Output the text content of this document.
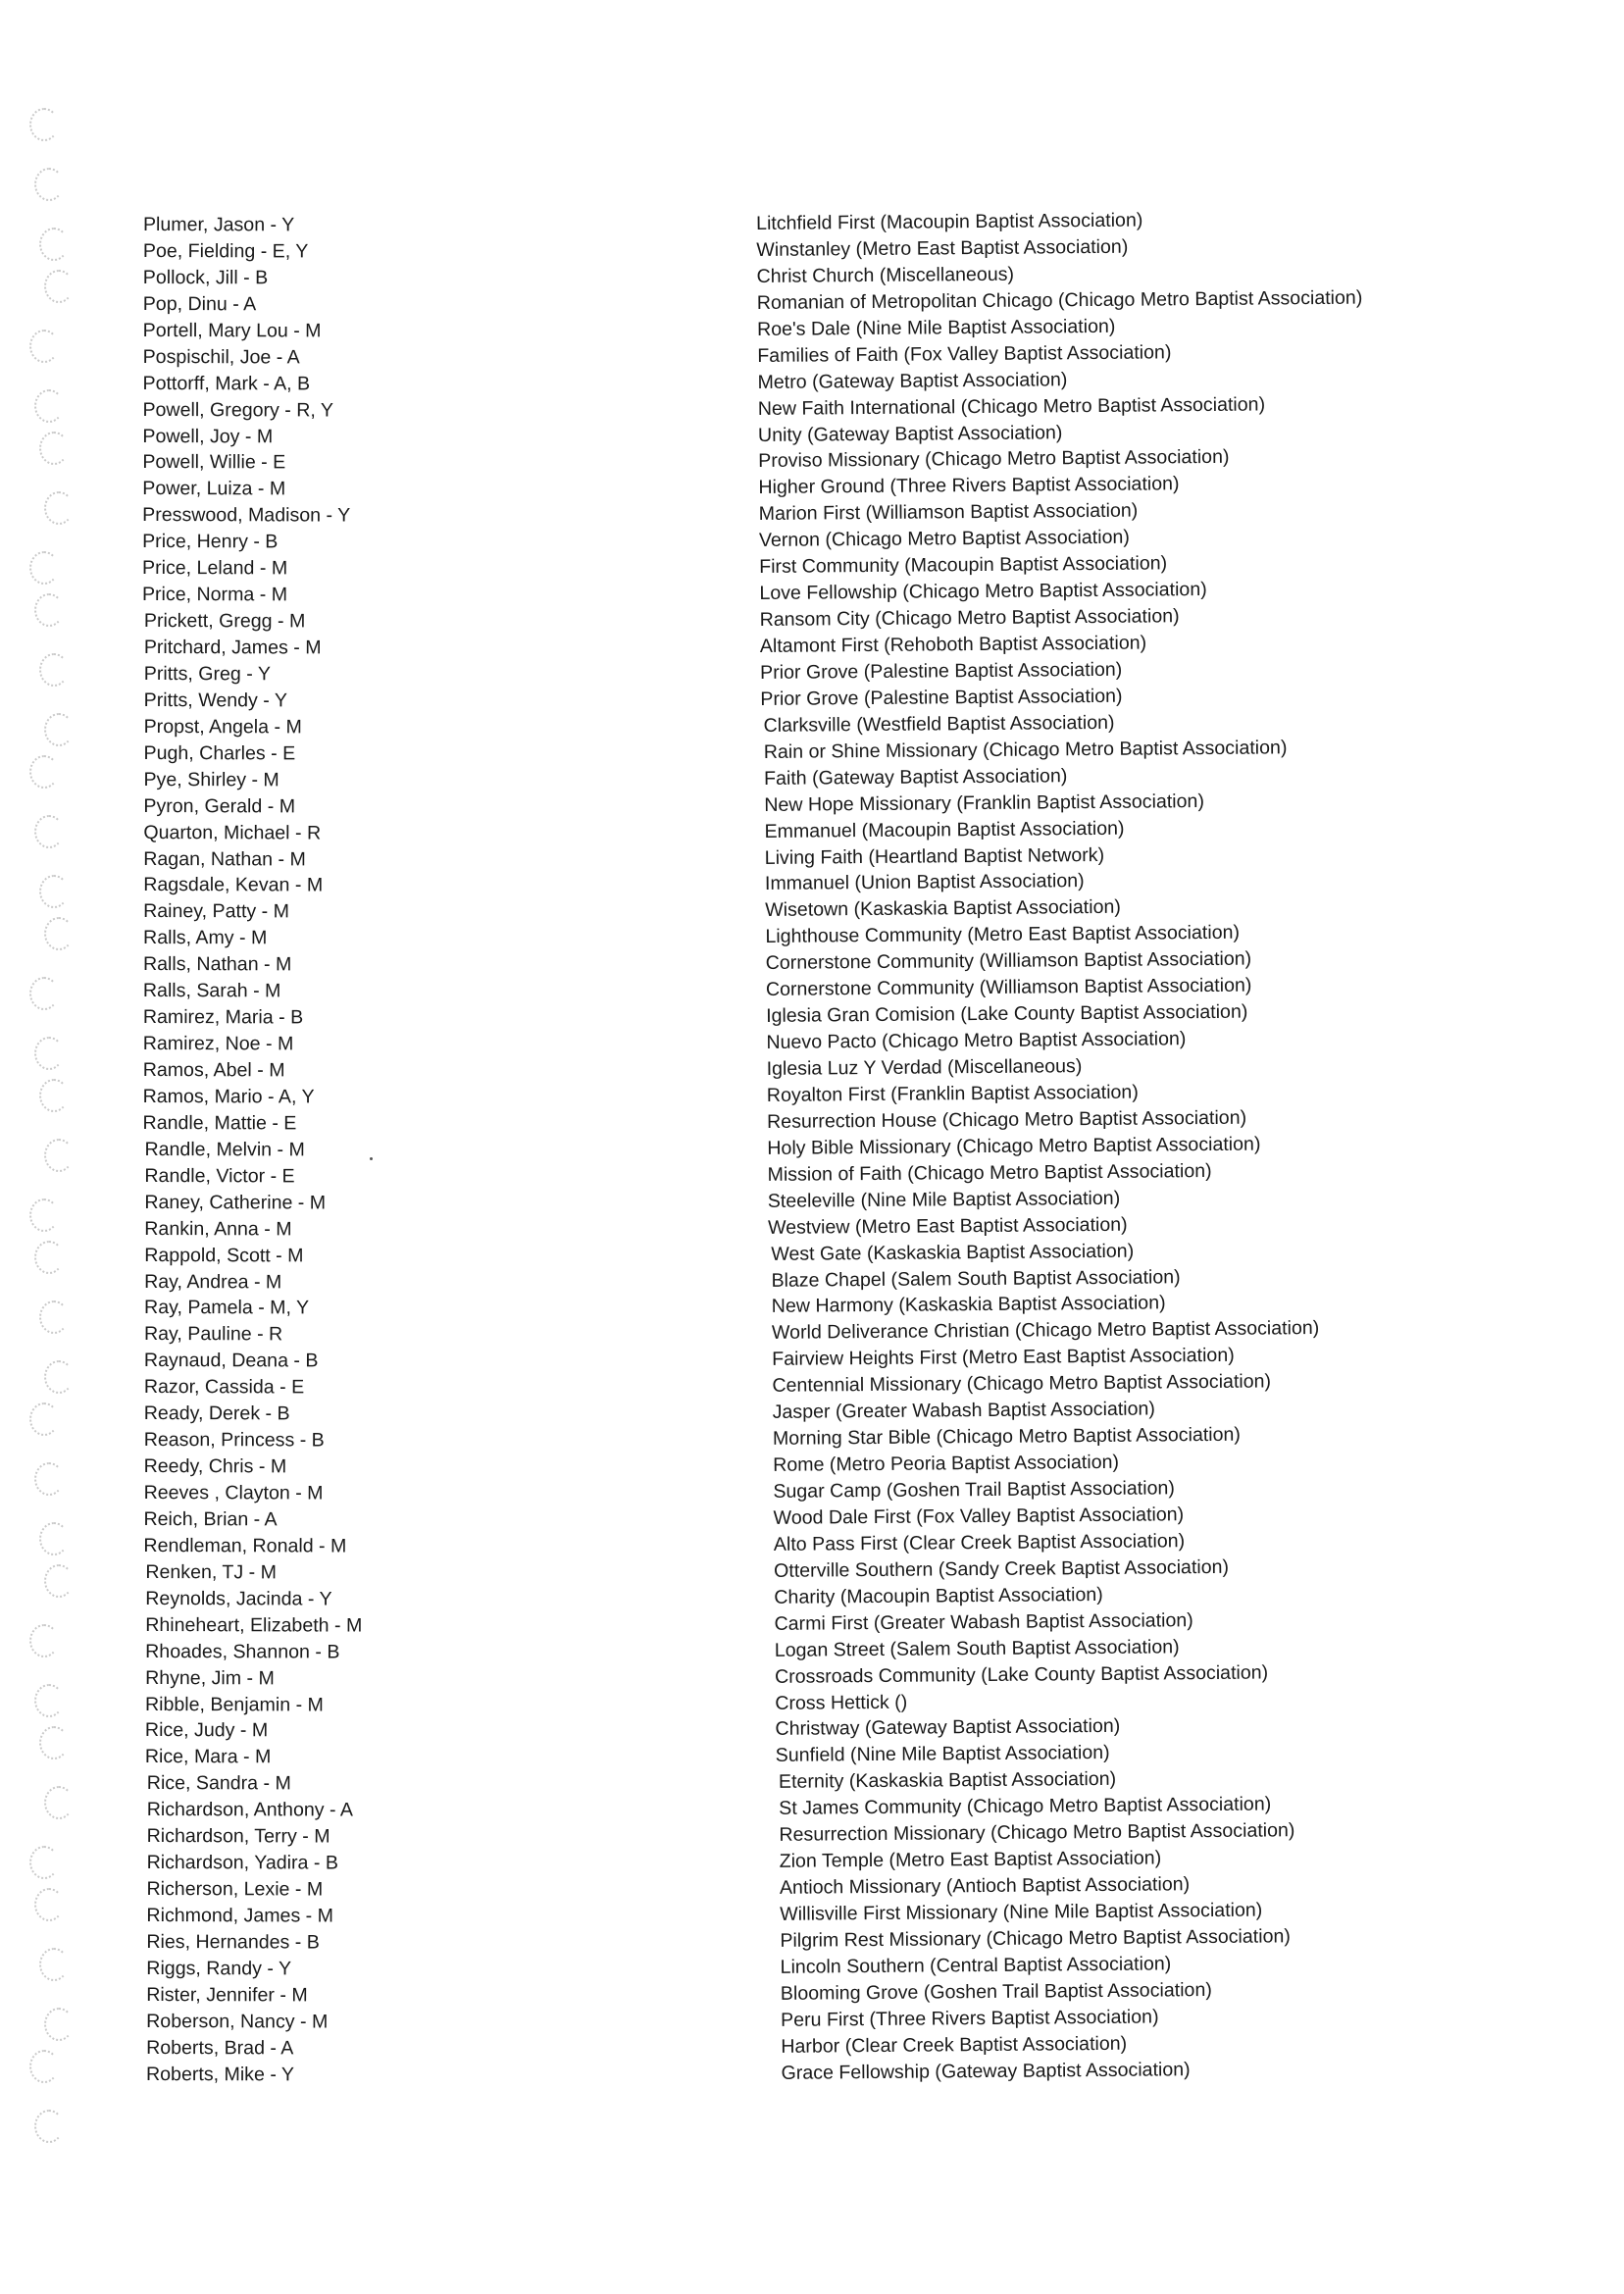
Plumer, Jason - Y
Poe, Fielding - E, Y
Pollock, Jill - B
Pop, Dinu - A
Portell, Mary Lou - M
Pospischil, Joe - A
Pottorff, Mark - A, B
Powell, Gregory - R, Y
Powell, Joy - M
Powell, Willie - E
Power, Luiza - M
Presswood, Madison - Y
Price, Henry - B
Price, Leland - M
Price, Norma - M
Prickett, Gregg - M
Pritchard, James - M
Pritts, Greg - Y
Pritts, Wendy - Y
Propst, Angela - M
Pugh, Charles - E
Pye, Shirley - M
Pyron, Gerald - M
Quarton, Michael - R
Ragan, Nathan - M
Ragsdale, Kevan - M
Rainey, Patty - M
Ralls, Amy - M
Ralls, Nathan - M
Ralls, Sarah - M
Ramirez, Maria - B
Ramirez, Noe - M
Ramos, Abel - M
Ramos, Mario - A, Y
Randle, Mattie - E
Randle, Melvin - M
Randle, Victor - E
Raney, Catherine - M
Rankin, Anna - M
Rappold, Scott - M
Ray, Andrea - M
Ray, Pamela - M, Y
Ray, Pauline - R
Raynaud, Deana - B
Razor, Cassida - E
Ready, Derek - B
Reason, Princess - B
Reedy, Chris - M
Reeves , Clayton - M
Reich, Brian - A
Rendleman, Ronald - M
Renken, TJ - M
Reynolds, Jacinda - Y
Rhineheart, Elizabeth - M
Rhoades, Shannon - B
Rhyne, Jim - M
Ribble, Benjamin - M
Rice, Judy - M
Rice, Mara - M
Rice, Sandra - M
Richardson, Anthony - A
Richardson, Terry - M
Richardson, Yadira - B
Richerson, Lexie - M
Richmond, James - M
Ries, Hernandes - B
Riggs, Randy - Y
Rister, Jennifer - M
Roberson, Nancy - M
Roberts, Brad - A
Roberts, Mike - Y
Litchfield First (Macoupin Baptist Association)
Winstanley (Metro East Baptist Association)
Christ Church (Miscellaneous)
Romanian of Metropolitan Chicago (Chicago Metro Baptist Association)
Roe's Dale (Nine Mile Baptist Association)
Families of Faith (Fox Valley Baptist Association)
Metro (Gateway Baptist Association)
New Faith International (Chicago Metro Baptist Association)
Unity (Gateway Baptist Association)
Proviso Missionary (Chicago Metro Baptist Association)
Higher Ground (Three Rivers Baptist Association)
Marion First (Williamson Baptist Association)
Vernon (Chicago Metro Baptist Association)
First Community (Macoupin Baptist Association)
Love Fellowship (Chicago Metro Baptist Association)
Ransom City (Chicago Metro Baptist Association)
Altamont First (Rehoboth Baptist Association)
Prior Grove (Palestine Baptist Association)
Prior Grove (Palestine Baptist Association)
Clarksville (Westfield Baptist Association)
Rain or Shine Missionary (Chicago Metro Baptist Association)
Faith (Gateway Baptist Association)
New Hope Missionary (Franklin Baptist Association)
Emmanuel (Macoupin Baptist Association)
Living Faith (Heartland Baptist Network)
Immanuel (Union Baptist Association)
Wisetown (Kaskaskia Baptist Association)
Lighthouse Community (Metro East Baptist Association)
Cornerstone Community (Williamson Baptist Association)
Cornerstone Community (Williamson Baptist Association)
Iglesia Gran Comision (Lake County Baptist Association)
Nuevo Pacto (Chicago Metro Baptist Association)
Iglesia Luz Y Verdad (Miscellaneous)
Royalton First (Franklin Baptist Association)
Resurrection House (Chicago Metro Baptist Association)
Holy Bible Missionary (Chicago Metro Baptist Association)
Mission of Faith (Chicago Metro Baptist Association)
Steeleville (Nine Mile Baptist Association)
Westview (Metro East Baptist Association)
West Gate (Kaskaskia Baptist Association)
Blaze Chapel (Salem South Baptist Association)
New Harmony (Kaskaskia Baptist Association)
World Deliverance Christian (Chicago Metro Baptist Association)
Fairview Heights First (Metro East Baptist Association)
Centennial Missionary (Chicago Metro Baptist Association)
Jasper (Greater Wabash Baptist Association)
Morning Star Bible (Chicago Metro Baptist Association)
Rome (Metro Peoria Baptist Association)
Sugar Camp (Goshen Trail Baptist Association)
Wood Dale First (Fox Valley Baptist Association)
Alto Pass First (Clear Creek Baptist Association)
Otterville Southern (Sandy Creek Baptist Association)
Charity (Macoupin Baptist Association)
Carmi First (Greater Wabash Baptist Association)
Logan Street (Salem South Baptist Association)
Crossroads Community (Lake County Baptist Association)
Cross Hettick ()
Christway (Gateway Baptist Association)
Sunfield (Nine Mile Baptist Association)
Eternity (Kaskaskia Baptist Association)
St James Community (Chicago Metro Baptist Association)
Resurrection Missionary (Chicago Metro Baptist Association)
Zion Temple (Metro East Baptist Association)
Antioch Missionary (Antioch Baptist Association)
Willisville First Missionary (Nine Mile Baptist Association)
Pilgrim Rest Missionary (Chicago Metro Baptist Association)
Lincoln Southern (Central Baptist Association)
Blooming Grove (Goshen Trail Baptist Association)
Peru First (Three Rivers Baptist Association)
Harbor (Clear Creek Baptist Association)
Grace Fellowship (Gateway Baptist Association)
